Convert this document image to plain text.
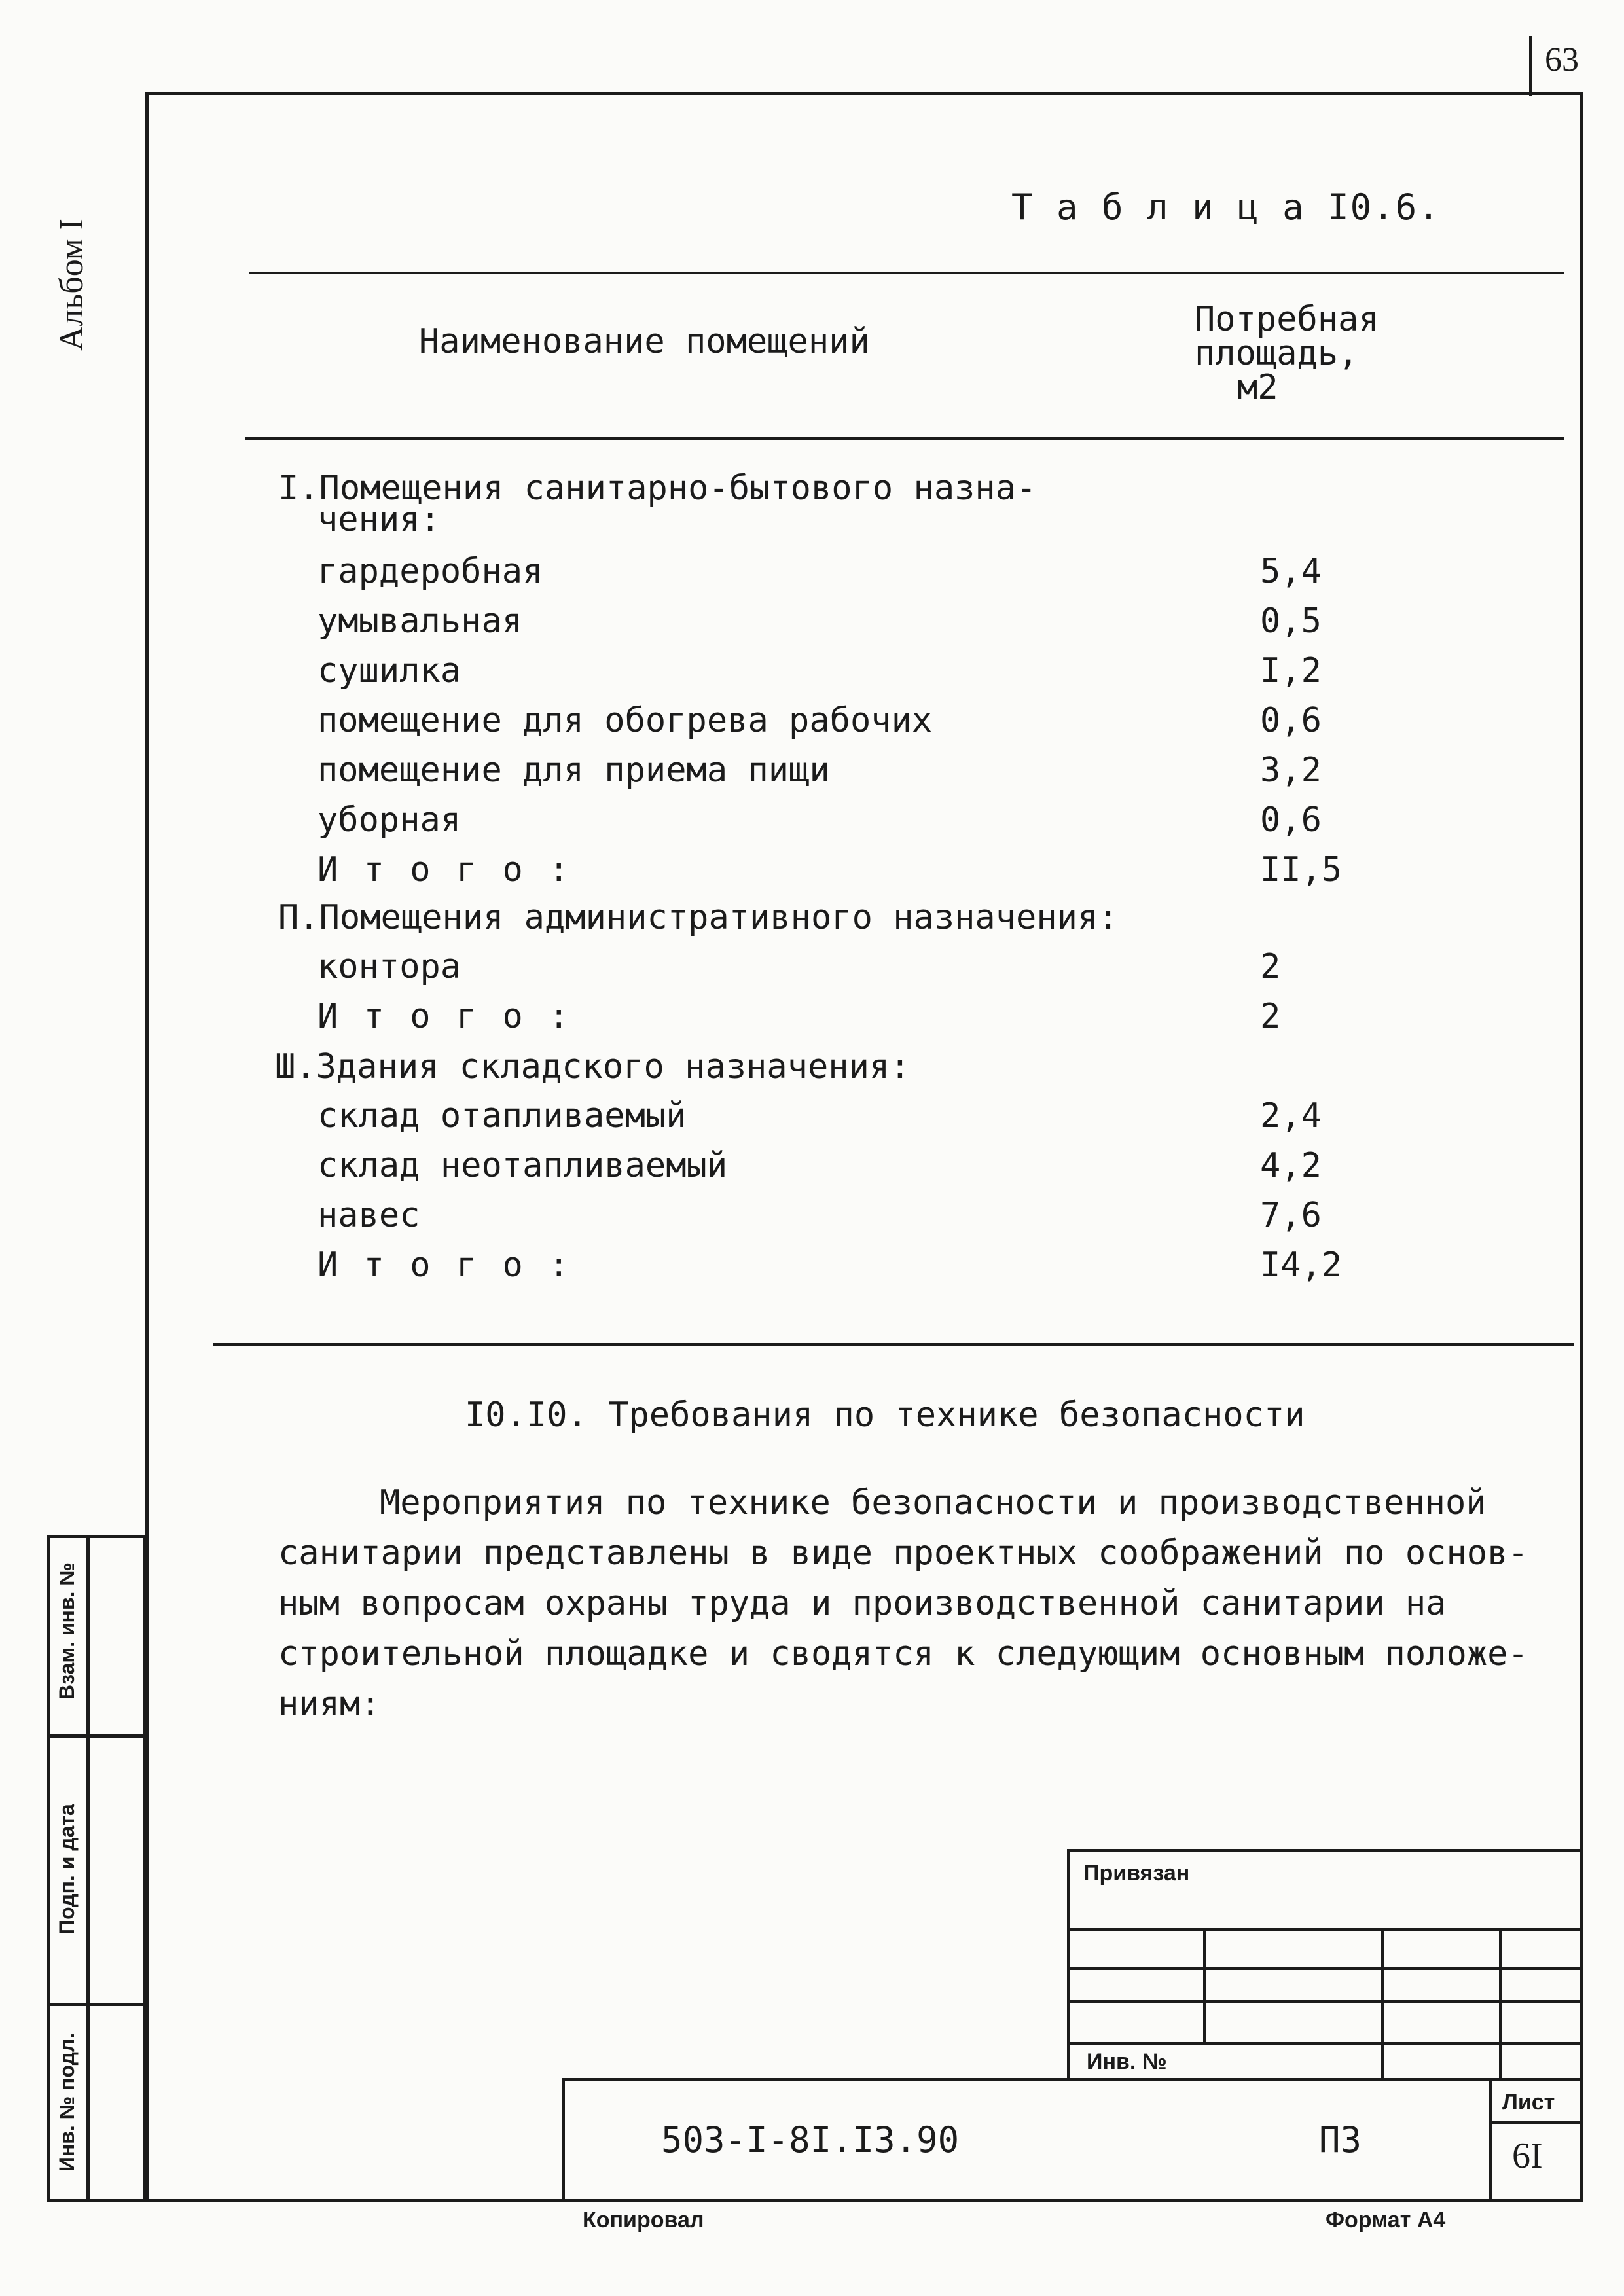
63
Альбом I
Т а б л и ц а I0.6.
Наименование помещений
Потребная
площадь,
м2
I.Помещения санитарно-бытового назна-
чения:
гардеробная	5,4
умывальная	0,5
сушилка	I,2
помещение для обогрева рабочих	0,6
помещение для приема пищи	3,2
уборная	0,6
И т о г о :	II,5
П.Помещения административного назначения:
контора	2
И т о г о :	2
Ш.Здания складского назначения:
склад отапливаемый	2,4
склад неотапливаемый	4,2
навес	7,6
И т о г о :	I4,2
I0.I0. Требования по технике безопасности
Мероприятия по технике безопасности и производственной
санитарии представлены в виде проектных соображений по основ-
ным вопросам охраны труда и производственной санитарии на
строительной площадке и сводятся к следующим основным положе-
ниям:
Взам. инв. №
Подп. и дата
Инв. № подл.
Привязан
Инв. №
503-I-8I.I3.90	ПЗ
Лист
6I
Копировал	Формат А4
